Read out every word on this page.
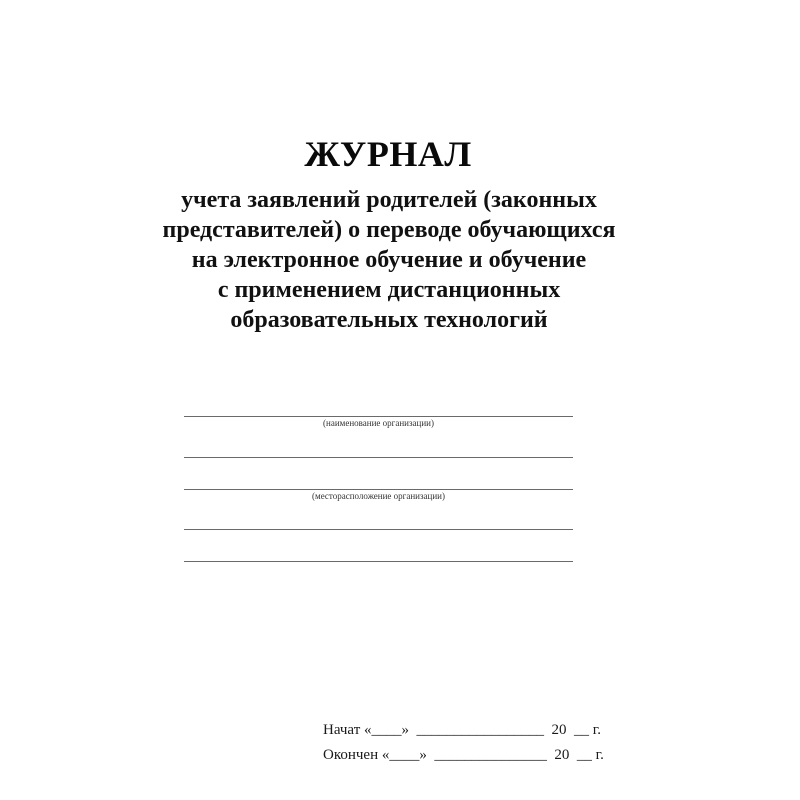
ЖУРНАЛ
учета заявлений родителей (законных
представителей) о переводе обучающихся
на электронное обучение и обучение
с применением дистанционных
образовательных технологий
(наименование организации)
(месторасположение организации)
Начат «____»  _________________  20  __ г.
Окончен «____»  _______________  20  __ г.
